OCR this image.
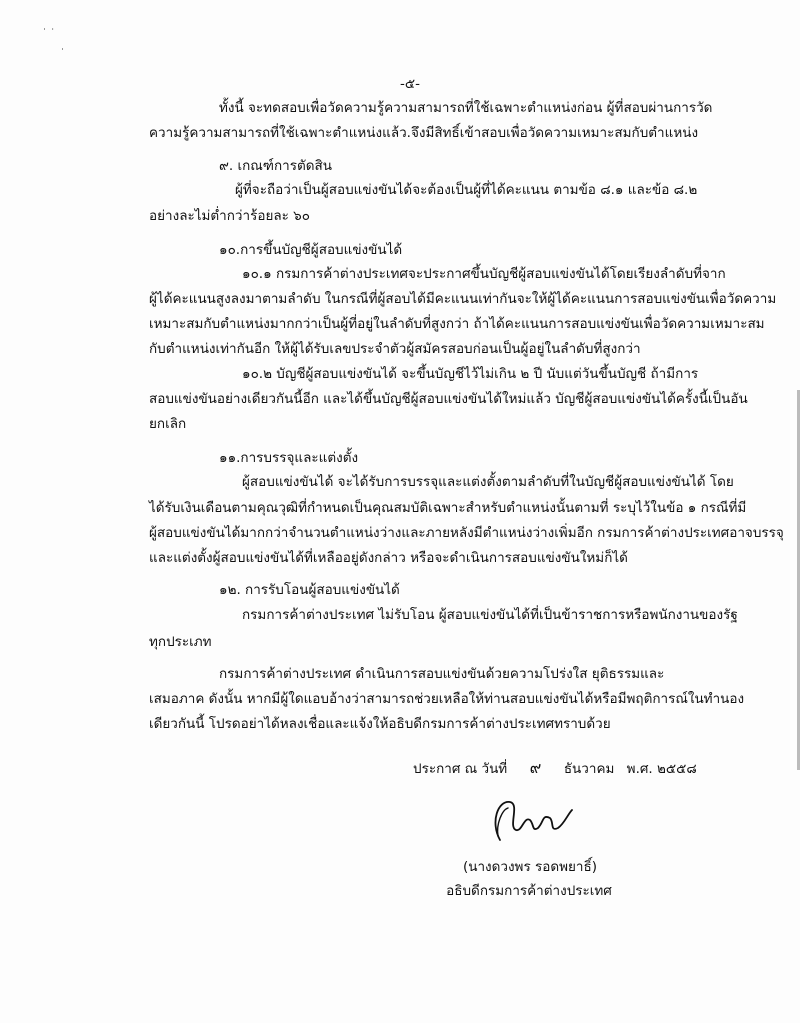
˙ ˙
˙
-๕-
ทั้งนี้ จะทดสอบเพื่อวัดความรู้ความสามารถที่ใช้เฉพาะตำแหน่งก่อน ผู้ที่สอบผ่านการวัด
ความรู้ความสามารถที่ใช้เฉพาะตำแหน่งแล้ว.จึงมีสิทธิ์เข้าสอบเพื่อวัดความเหมาะสมกับตำแหน่ง
๙. เกณฑ์การตัดสิน
ผู้ที่จะถือว่าเป็นผู้สอบแข่งขันได้จะต้องเป็นผู้ที่ได้คะแนน ตามข้อ ๘.๑ และข้อ ๘.๒
อย่างละไม่ต่ำกว่าร้อยละ ๖๐
๑๐.การขึ้นบัญชีผู้สอบแข่งขันได้
๑๐.๑ กรมการค้าต่างประเทศจะประกาศขึ้นบัญชีผู้สอบแข่งขันได้โดยเรียงลำดับที่จาก
ผู้ได้คะแนนสูงลงมาตามลำดับ ในกรณีที่ผู้สอบได้มีคะแนนเท่ากันจะให้ผู้ได้คะแนนการสอบแข่งขันเพื่อวัดความ
เหมาะสมกับตำแหน่งมากกว่าเป็นผู้ที่อยู่ในลำดับที่สูงกว่า ถ้าได้คะแนนการสอบแข่งขันเพื่อวัดความเหมาะสม
กับตำแหน่งเท่ากันอีก ให้ผู้ได้รับเลขประจำตัวผู้สมัครสอบก่อนเป็นผู้อยู่ในลำดับที่สูงกว่า
๑๐.๒ บัญชีผู้สอบแข่งขันได้ จะขึ้นบัญชีไว้ไม่เกิน ๒ ปี นับแต่วันขึ้นบัญชี ถ้ามีการ
สอบแข่งขันอย่างเดียวกันนี้อีก และได้ขึ้นบัญชีผู้สอบแข่งขันได้ใหม่แล้ว บัญชีผู้สอบแข่งขันได้ครั้งนี้เป็นอัน
ยกเลิก
๑๑.การบรรจุและแต่งตั้ง
ผู้สอบแข่งขันได้ จะได้รับการบรรจุและแต่งตั้งตามลำดับที่ในบัญชีผู้สอบแข่งขันได้ โดย
ได้รับเงินเดือนตามคุณวุฒิที่กำหนดเป็นคุณสมบัติเฉพาะสำหรับตำแหน่งนั้นตามที่ ระบุไว้ในข้อ ๑ กรณีที่มี
ผู้สอบแข่งขันได้มากกว่าจำนวนตำแหน่งว่างและภายหลังมีตำแหน่งว่างเพิ่มอีก กรมการค้าต่างประเทศอาจบรรจุ
และแต่งตั้งผู้สอบแข่งขันได้ที่เหลืออยู่ดังกล่าว หรือจะดำเนินการสอบแข่งขันใหม่ก็ได้
๑๒. การรับโอนผู้สอบแข่งขันได้
กรมการค้าต่างประเทศ ไม่รับโอน ผู้สอบแข่งขันได้ที่เป็นข้าราชการหรือพนักงานของรัฐ
ทุกประเภท
กรมการค้าต่างประเทศ ดำเนินการสอบแข่งขันด้วยความโปร่งใส ยุติธรรมและ
เสมอภาค ดังนั้น หากมีผู้ใดแอบอ้างว่าสามารถช่วยเหลือให้ท่านสอบแข่งขันได้หรือมีพฤติการณ์ในทำนอง
เดียวกันนี้ โปรดอย่าได้หลงเชื่อและแจ้งให้อธิบดีกรมการค้าต่างประเทศทราบด้วย
ประกาศ ณ วันที่ ๙ ธันวาคม พ.ศ. ๒๕๕๘
(นางดวงพร รอดพยาธิ์)
อธิบดีกรมการค้าต่างประเทศ
